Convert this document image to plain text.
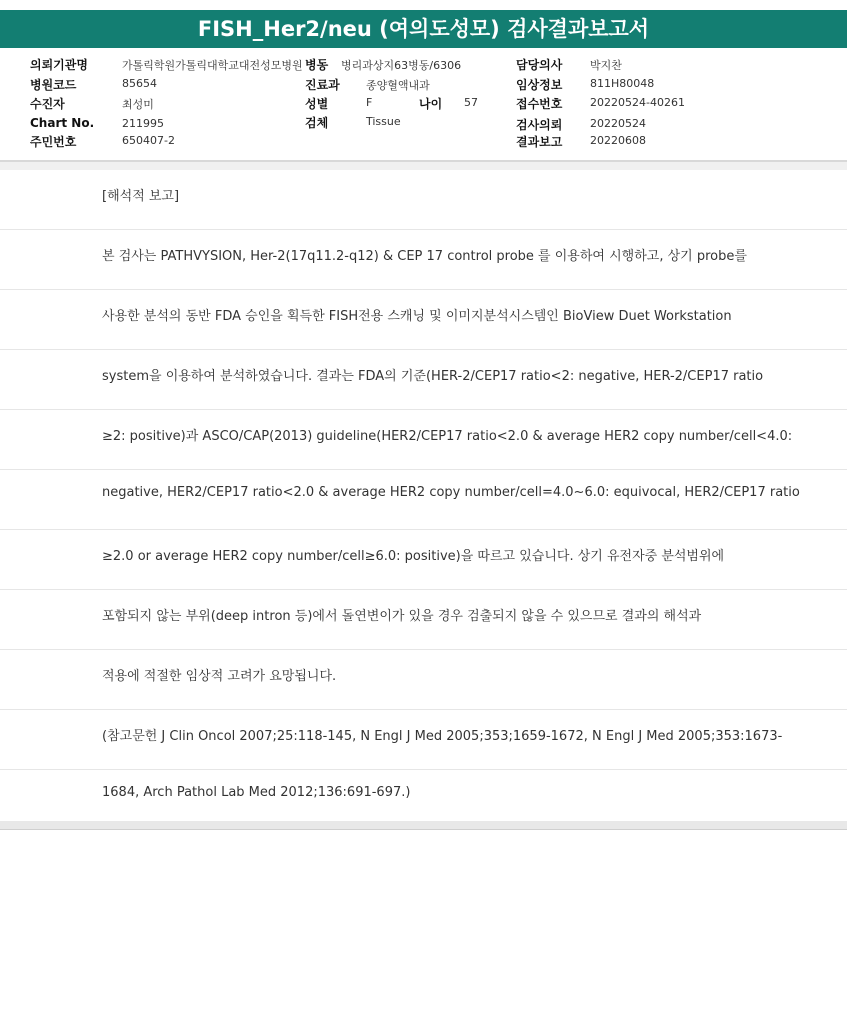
FISH_Her2/neu (여의도성모) 검사결과보고서
의뢰기관명	가톨릭학원가톨릭대학교대전성모병원 병동 병리과상지63병동/6306	담당의사	박지찬
병원코드	85654	진료과 종양혈액내과	임상정보	811H80048
수진자	최성미	성별	F	나이 57	접수번호	20220524-40261
Chart No.	211995	검체	Tissue	검사의뢰	20220524
주민번호	650407-2	결과보고	20220608
[해석적 보고]
본 검사는 PATHVYSION, Her-2(17q11.2-q12) & CEP 17 control probe 를 이용하여 시행하고, 상기 probe를
사용한 분석의 동반 FDA 승인을 획득한 FISH전용 스캐닝 및 이미지분석시스템인 BioView Duet Workstation
system을 이용하여 분석하였습니다. 결과는 FDA의 기준(HER-2/CEP17 ratio<2: negative, HER-2/CEP17 ratio
≥2: positive)과 ASCO/CAP(2013) guideline(HER2/CEP17 ratio<2.0 & average HER2 copy number/cell<4.0:
negative, HER2/CEP17 ratio<2.0 & average HER2 copy number/cell=4.0~6.0: equivocal, HER2/CEP17 ratio
≥2.0 or average HER2 copy number/cell≥6.0: positive)을 따르고 있습니다. 상기 유전자중 분석범위에
포함되지 않는 부위(deep intron 등)에서 돌연변이가 있을 경우 검출되지 않을 수 있으므로 결과의 해석과
적용에 적절한 임상적 고려가 요망됩니다.
(참고문헌 J Clin Oncol 2007;25:118-145, N Engl J Med 2005;353;1659-1672, N Engl J Med 2005;353:1673-
1684, Arch Pathol Lab Med 2012;136:691-697.)
